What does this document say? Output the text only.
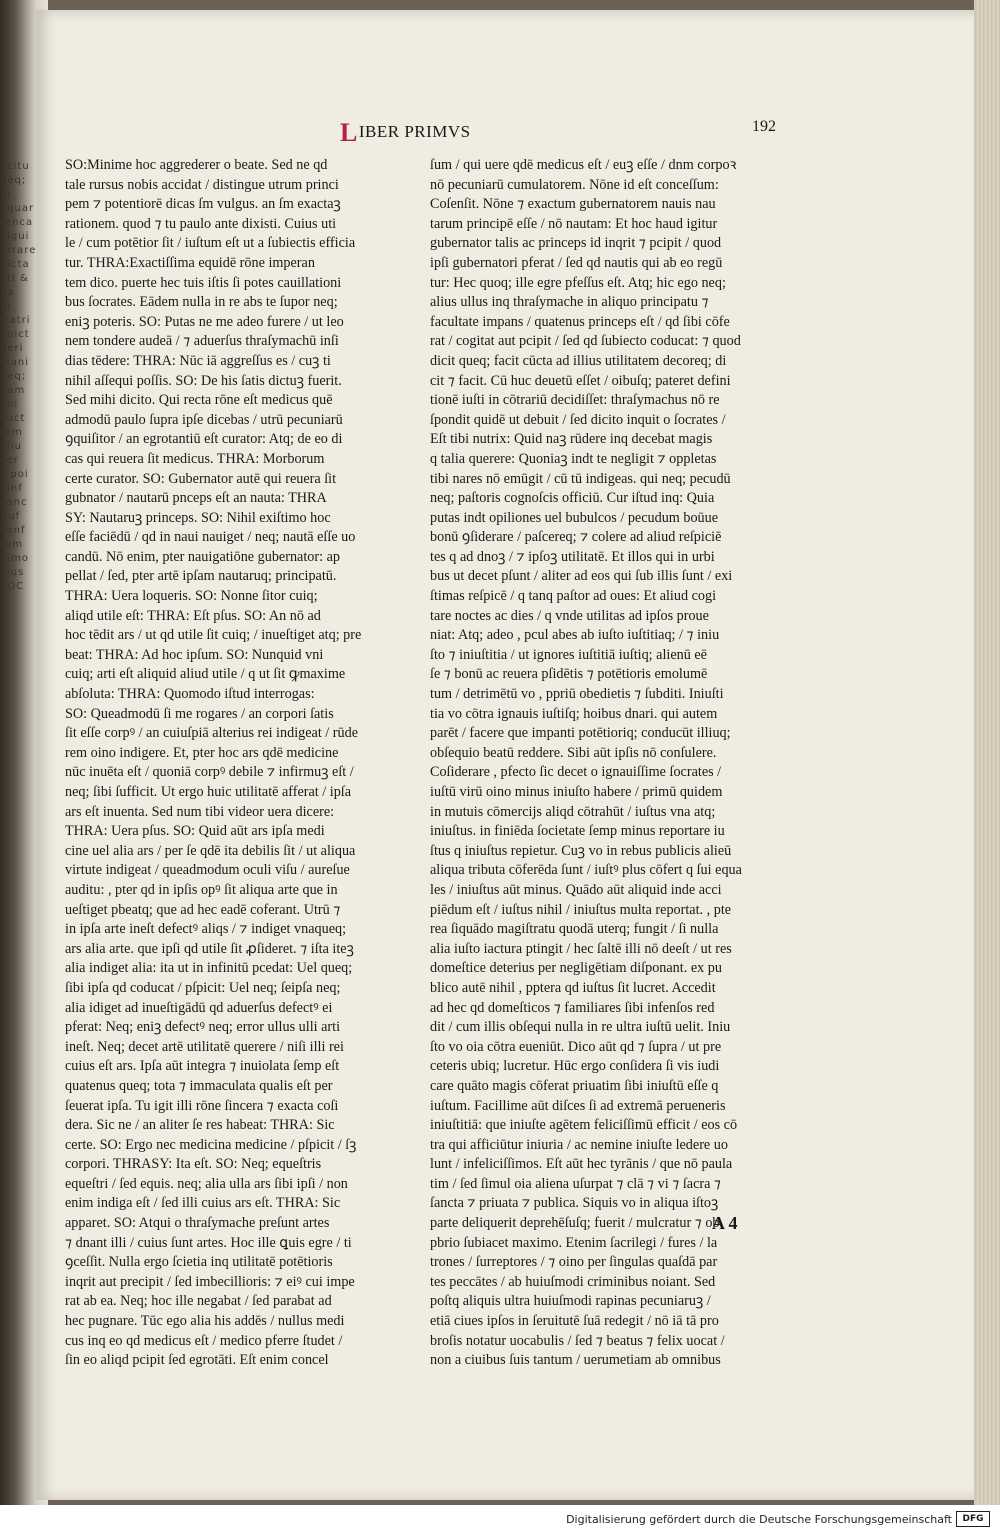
ocitu
neq;
in
equar
tenca
alqui
arrare
dicta
ati &
ua
ui
fratri
noict
peri
mani
neq;
nam
ani
cuct
rem
aliu
cer
s poi
oinf
conc
fiuf
conf
tum
nimo
mus
SOC
LIBER PRIMVS	192
SO:Minime hoc aggrederer o beate. Sed ne qd
tale rursus nobis accidat / distingue utrum princi
pem ⁊ potentiorē dicas ſm vulgus. an ſm exactaꝫ
rationem. quod ⁊ tu paulo ante dixisti. Cuius uti
le / cum potētior ſit / iuſtum eſt ut a ſubiectis efficia
tur. THRA:Exactiſſima equidē rōne imperan
tem dico. puerte hec tuis iſtis ſi potes cauillationi
bus ſocrates. Eādem nulla in re abs te ſupor neq;
eniꝫ poteris. SO: Putas ne me adeo furere / ut leo
nem tondere audeā / ⁊ aduerſus thraſymachū inſi
dias tēdere: THRA: Nūc iā aggreſſus es / cuꝫ ti
nihil aſſequi poſſis. SO: De his ſatis dictuꝫ fuerit.
Sed mihi dicito. Qui recta rōne eſt medicus quē
admodū paulo ſupra ipſe dicebas / utrū pecuniarū
ꝯquiſitor / an egrotantiū eſt curator: Atq; de eo di
cas qui reuera ſit medicus. THRA: Morborum
certe curator. SO: Gubernator autē qui reuera ſit
gubnator / nautarū pnceps eſt an nauta: THRA
SY: Nautaruꝫ princeps. SO: Nihil exiſtimo hoc
eſſe faciēdū / qd in naui nauiget / neq; nautā eſſe uo
candū. Nō enim, pter nauigatiōne gubernator: ap
pellat / ſed, pter artē ipſam nautaruq; principatū.
THRA: Uera loqueris. SO: Nonne ſitor cuiq;
aliqd utile eſt: THRA: Eſt pſus. SO: An nō ad
hoc tēdit ars / ut qd utile ſit cuiq; / inueſtiget atq; pre
beat: THRA: Ad hoc ipſum. SO: Nunquid vni
cuiq; arti eſt aliquid aliud utile / q ut ſit ꝙmaxime
abſoluta: THRA: Quomodo iſtud interrogas:
SO: Queadmodū ſi me rogares / an corpori ſatis
ſit eſſe corpꝰ / an cuiuſpiā alterius rei indigeat / rūde
rem oino indigere. Et, pter hoc ars qdē medicine
nūc inuēta eſt / quoniā corpꝰ debile ⁊ infirmuꝫ eſt /
neq; ſibi ſufficit. Ut ergo huic utilitatē afferat / ipſa
ars eſt inuenta. Sed num tibi videor uera dicere:
THRA: Uera pſus. SO: Quid aūt ars ipſa medi
cine uel alia ars / per ſe qdē ita debilis ſit / ut aliqua
virtute indigeat / queadmodum oculi viſu / aureſue
auditu: , pter qd in ipſis opꝰ ſit aliqua arte que in
ueſtiget pbeatq; que ad hec eadē coferant. Utrū ⁊
in ipſa arte ineſt defectꝰ aliqs / ⁊ indiget vnaqueq;
ars alia arte. que ipſi qd utile ſit ꝓſideret. ⁊ iſta iteꝫ
alia indiget alia: ita ut in infinitū pcedat: Uel queq;
ſibi ipſa qd coducat / pſpicit: Uel neq; ſeipſa neq;
alia idiget ad inueſtigādū qd aduerſus defectꝰ ei
pferat: Neq; eniꝫ defectꝰ neq; error ullus ulli arti
ineſt. Neq; decet artē utilitatē querere / niſi illi rei
cuius eſt ars. Ipſa aūt integra ⁊ inuiolata ſemp eſt
quatenus queq; tota ⁊ immaculata qualis eſt per
ſeuerat ipſa. Tu igit illi rōne ſincera ⁊ exacta coſi
dera. Sic ne / an aliter ſe res habeat: THRA: Sic
certe. SO: Ergo nec medicina medicine / pſpicit / ſꝫ
corpori. THRASY: Ita eſt. SO: Neq; equeſtris
equeſtri / ſed equis. neq; alia ulla ars ſibi ipſi / non
enim indiga eſt / ſed illi cuius ars eſt. THRA: Sic
apparet. SO: Atqui o thraſymache preſunt artes
⁊ dnant illi / cuius ſunt artes. Hoc ille ꝗuis egre / ti
ꝯceſſit. Nulla ergo ſcietia inq utilitatē potētioris
inqrit aut precipit / ſed imbecillioris: ⁊ eiꝰ cui impe
rat ab ea. Neq; hoc ille negabat / ſed parabat ad
hec pugnare. Tūc ego alia his addēs / nullus medi
cus inq eo qd medicus eſt / medico pferre ſtudet /
ſin eo aliqd pcipit ſed egrotāti. Eſt enim concel
ſum / qui uere qdē medicus eſt / euꝫ eſſe / dnm corpoꝛ
nō pecuniarū cumulatorem. Nōne id eſt conceſſum:
Coſenſit. Nōne ⁊ exactum gubernatorem nauis nau
tarum principē eſſe / nō nautam: Et hoc haud igitur
gubernator talis ac princeps id inqrit ⁊ pcipit / quod
ipſi gubernatori pferat / ſed qd nautis qui ab eo regū
tur: Hec quoq; ille egre pfeſſus eſt. Atq; hic ego neq;
alius ullus inq thraſymache in aliquo principatu ⁊
facultate impans / quatenus princeps eſt / qd ſibi cōfe
rat / cogitat aut pcipit / ſed qd ſubiecto coducat: ⁊ quod
dicit queq; facit cūcta ad illius utilitatem decoreq; di
cit ⁊ facit. Cū huc deuetū eſſet / oibuſq; pateret defini
tionē iuſti in cōtrariū decidiſſet: thraſymachus nō re
ſpondit quidē ut debuit / ſed dicito inquit o ſocrates /
Eſt tibi nutrix: Quid naꝫ rūdere inq decebat magis
q talia querere: Quoniaꝫ indt te negligit ⁊ oppletas
tibi nares nō emūgit / cū tū indigeas. qui neq; pecudū
neq; paſtoris cognoſcis officiū. Cur iſtud inq: Quia
putas indt opiliones uel bubulcos / pecudum boūue
bonū ꝯſiderare / paſcereq; ⁊ colere ad aliud reſpiciē
tes q ad dnoꝫ / ⁊ ipſoꝫ utilitatē. Et illos qui in urbi
bus ut decet pſunt / aliter ad eos qui ſub illis ſunt / exi
ſtimas reſpicē / q tanq paſtor ad oues: Et aliud cogi
tare noctes ac dies / q vnde utilitas ad ipſos proue
niat: Atq; adeo , pcul abes ab iuſto iuſtitiaq; / ⁊ iniu
ſto ⁊ iniuſtitia / ut ignores iuſtitiā iuſtiq; alienū eē
ſe ⁊ bonū ac reuera pſidētis ⁊ potētioris emolumē
tum / detrimētū vo , ppriū obedietis ⁊ ſubditi. Iniuſti
tia vo cōtra ignauis iuſtiſq; hoibus dnari. qui autem
parēt / facere que impanti potētioriq; conducūt illiuq;
obſequio beatū reddere. Sibi aūt ipſis nō conſulere.
Coſiderare , pfecto ſic decet o ignauiſſime ſocrates /
iuſtū virū oino minus iniuſto habere / primū quidem
in mutuis cōmercijs aliqd cōtrahūt / iuſtus vna atq;
iniuſtus. in finiēda ſocietate ſemp minus reportare iu
ſtus q iniuſtus repietur. Cuꝫ vo in rebus publicis alieū
aliqua tributa cōferēda ſunt / iuſtꝰ plus cōfert q ſui equa
les / iniuſtus aūt minus. Quādo aūt aliquid inde acci
piēdum eſt / iuſtus nihil / iniuſtus multa reportat. , pte
rea ſiquādo magiſtratu quodā uterq; fungit / ſi nulla
alia iuſto iactura ptingit / hec ſaltē illi nō deeſt / ut res
domeſtice deterius per negligētiam diſponant. ex pu
blico autē nihil , pptera qd iuſtus ſit lucret. Accedit
ad hec qd domeſticos ⁊ familiares ſibi infenſos red
dit / cum illis obſequi nulla in re ultra iuſtū uelit. Iniu
ſto vo oia cōtra eueniūt. Dico aūt qd ⁊ ſupra / ut pre
ceteris ubiq; lucretur. Hūc ergo conſidera ſi vis iudi
care quāto magis cōferat priuatim ſibi iniuſtū eſſe q
iuſtum. Facillime aūt diſces ſi ad extremā perueneris
iniuſtitiā: que iniuſte agētem feliciſſimū efficit / eos cō
tra qui afficiūtur iniuria / ac nemine iniuſte ledere uo
lunt / infeliciſſimos. Eſt aūt hec tyrānis / que nō paula
tim / ſed ſimul oia aliena uſurpat ⁊ clā ⁊ vi ⁊ ſacra ⁊
ſancta ⁊ priuata ⁊ publica. Siquis vo in aliqua iſtoꝫ
parte deliquerit deprehēſuſq; fuerit / mulcratur ⁊ ob
pbrio ſubiacet maximo. Etenim ſacrilegi / fures / la
trones / ſurreptores / ⁊ oino per ſingulas quaſdā par
tes peccātes / ab huiuſmodi criminibus noiant. Sed
poſtq aliquis ultra huiuſmodi rapinas pecuniaruꝫ /
etiā ciues ipſos in ſeruitutē ſuā redegit / nō iā tā pro
broſis notatur uocabulis / ſed ⁊ beatus ⁊ felix uocat /
non a ciuibus ſuis tantum / uerumetiam ab omnibus
A 4
Digitalisierung gefördert durch die Deutsche Forschungsgemeinschaft	DFG
